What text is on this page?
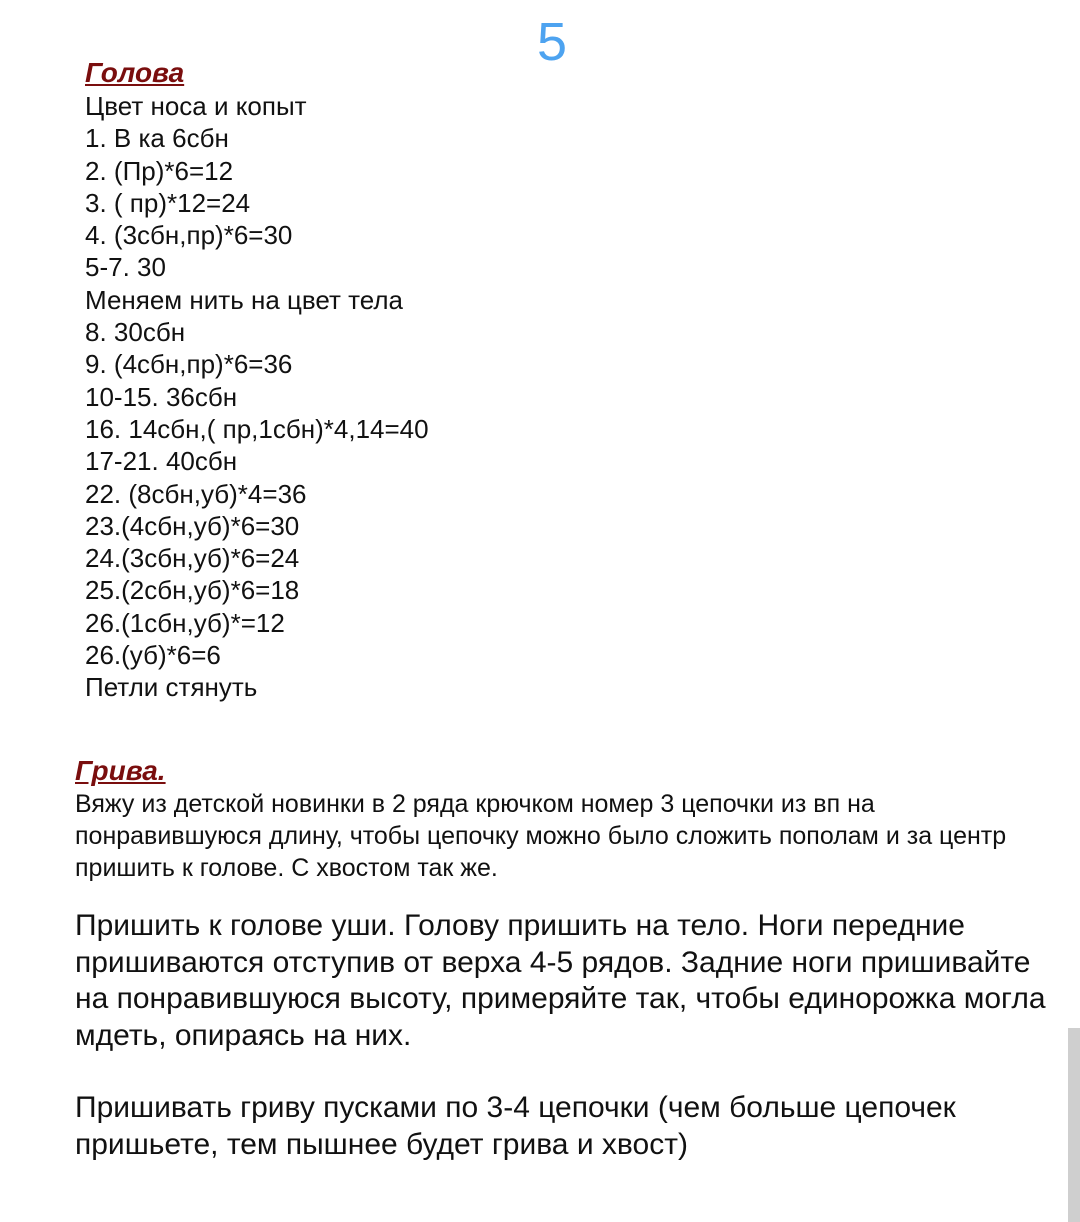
5
Голова
Цвет носа и копыт
1. В ка 6сбн
2. (Пр)*6=12
3. ( пр)*12=24
4. (3сбн,пр)*6=30
5-7. 30
Меняем нить на цвет тела
8. 30сбн
9. (4сбн,пр)*6=36
10-15. 36сбн
16. 14сбн,( пр,1сбн)*4,14=40
17-21. 40сбн
22. (8сбн,уб)*4=36
23.(4сбн,уб)*6=30
24.(3сбн,уб)*6=24
25.(2сбн,уб)*6=18
26.(1сбн,уб)*=12
26.(уб)*6=6
Петли стянуть
Грива.
Вяжу из детской новинки в 2 ряда крючком номер 3 цепочки из вп на понравившуюся длину, чтобы цепочку можно было сложить пополам и за центр пришить к голове. С хвостом так же.

Пришить к голове уши. Голову пришить на тело. Ноги передние пришиваются отступив от верха 4-5 рядов. Задние ноги пришивайте на понравившуюся высоту, примеряйте так, чтобы единорожка могла мдеть, опираясь на них.

Пришивать гриву пусками по 3-4 цепочки (чем больше цепочек пришьете, тем пышнее будет грива и хвост)
